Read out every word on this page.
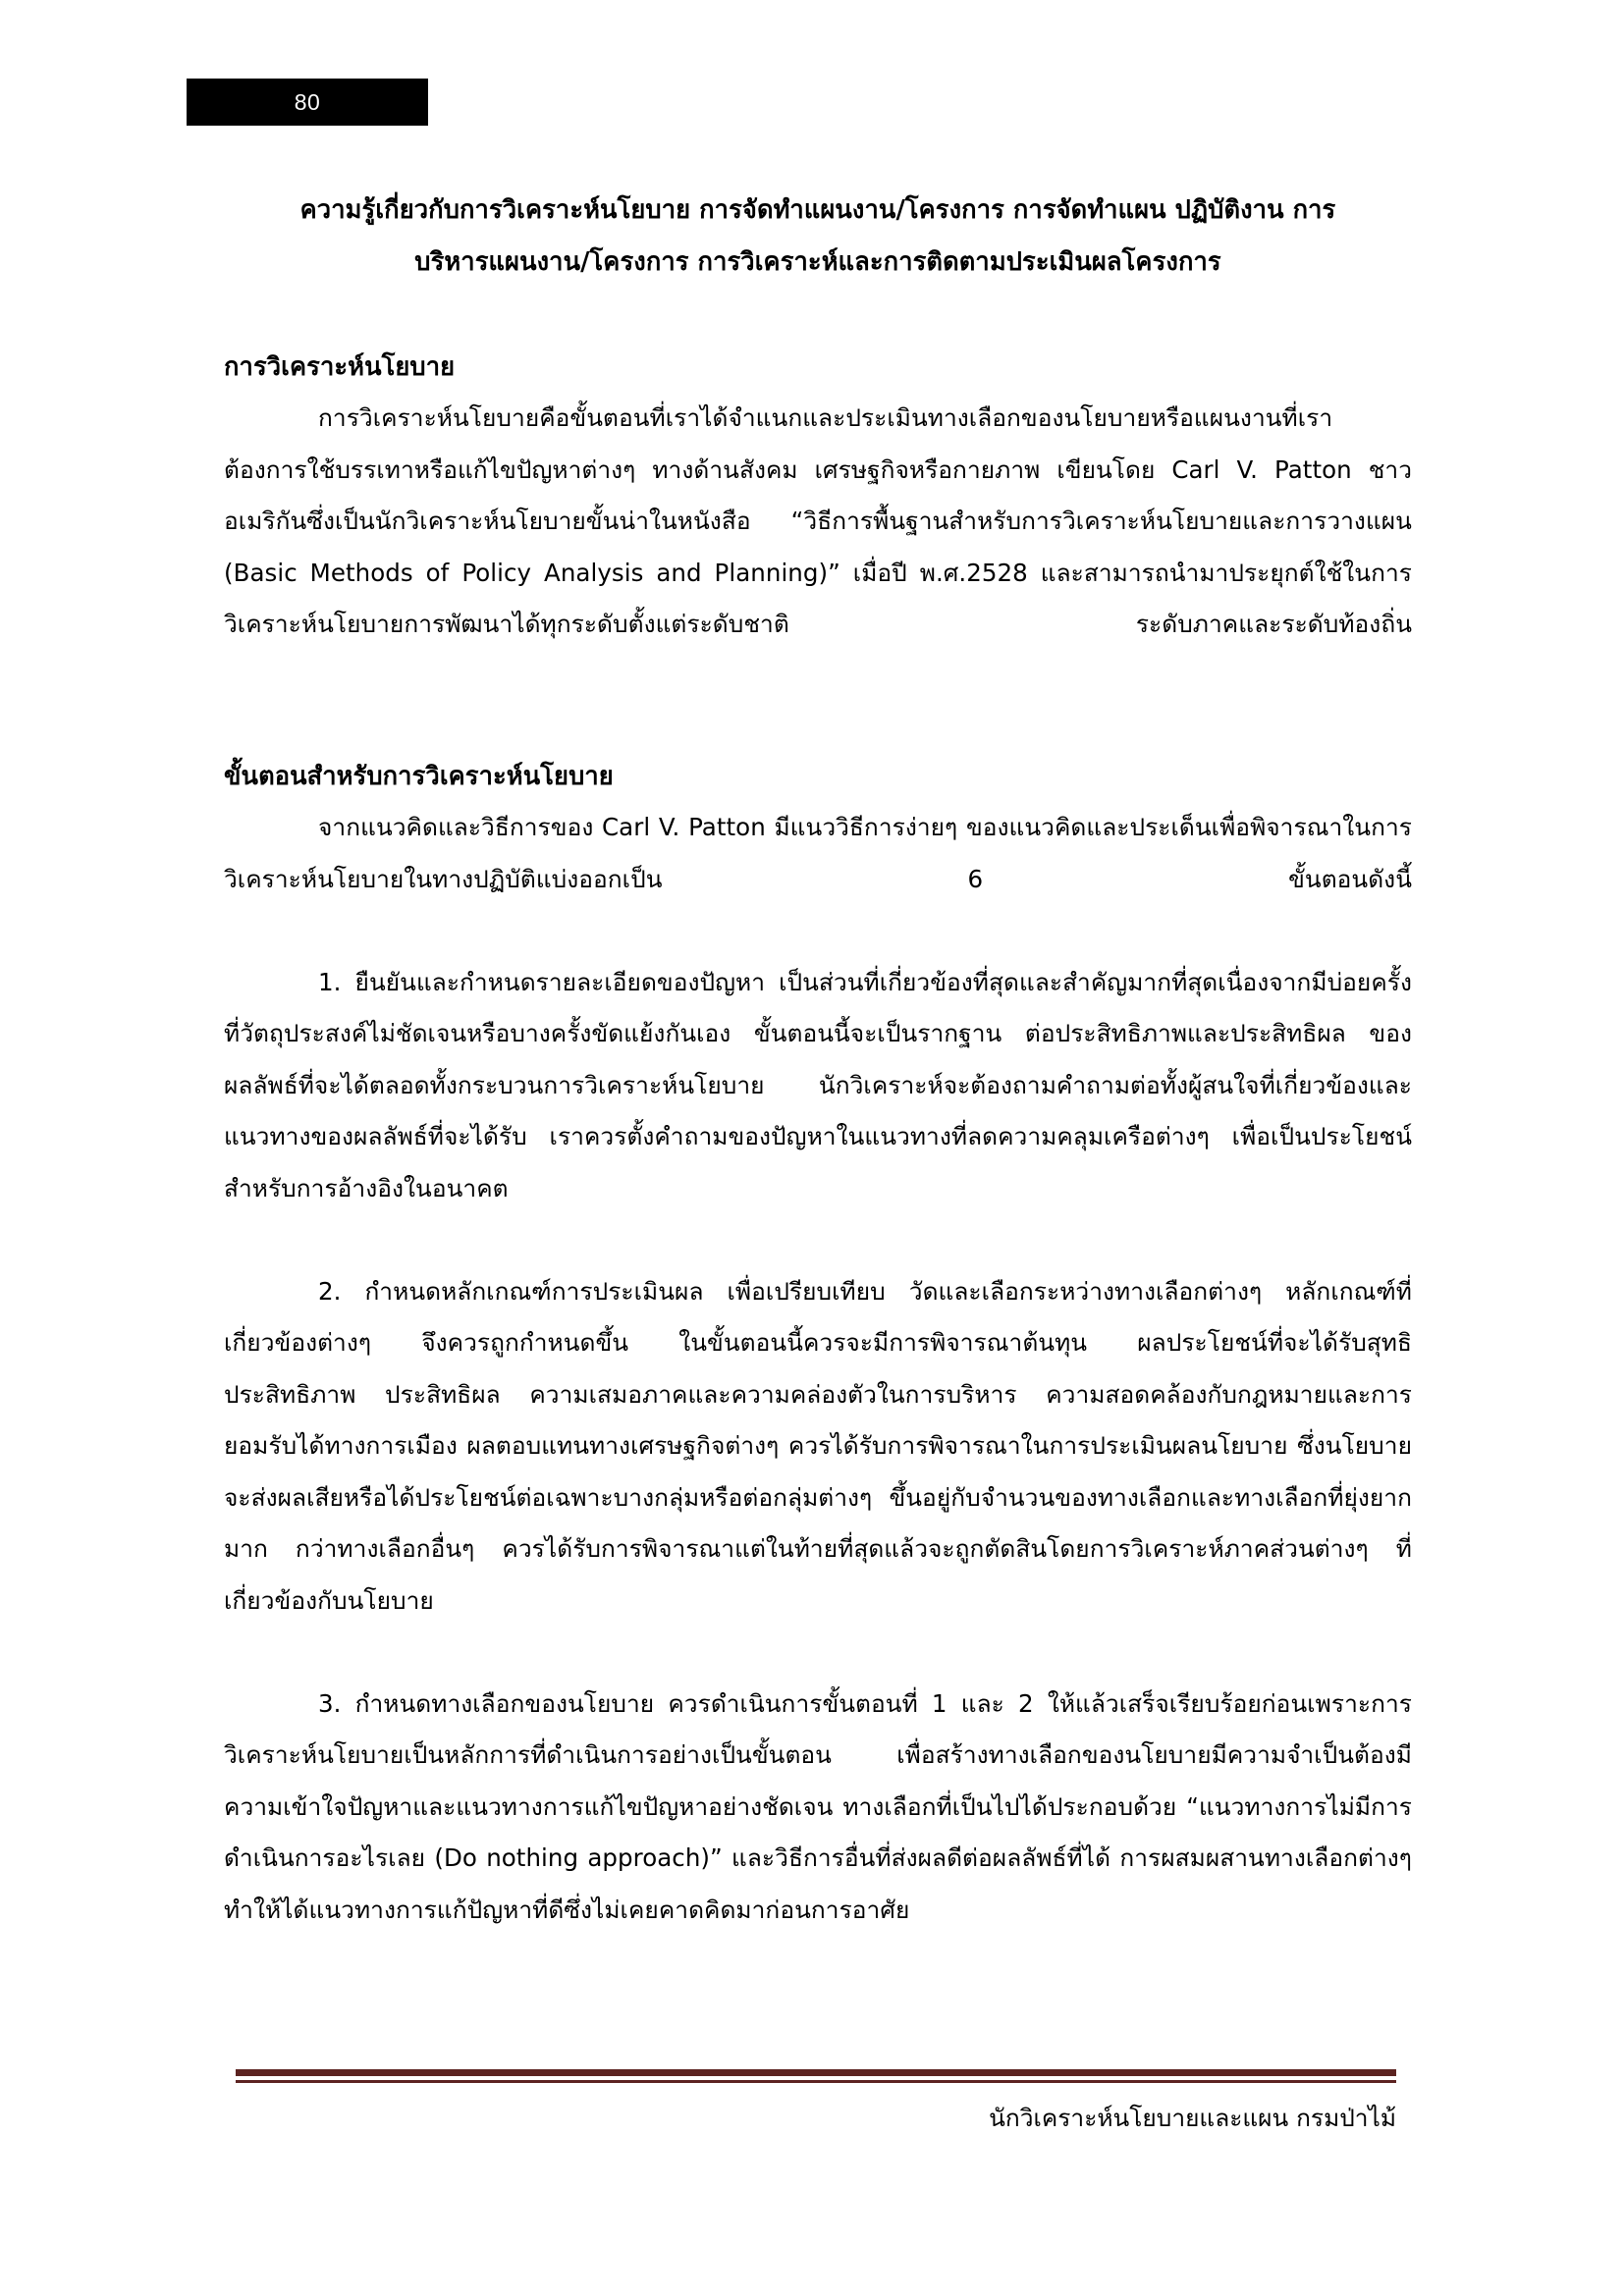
80
ความรู้เกี่ยวกับการวิเคราะห์นโยบาย การจัดทำแผนงาน/โครงการ การจัดทำแผน ปฏิบัติงาน การ
บริหารแผนงาน/โครงการ การวิเคราะห์และการติดตามประเมินผลโครงการ
การวิเคราะห์นโยบาย

การวิเคราะห์นโยบายคือขั้นตอนที่เราได้จำแนกและประเมินทางเลือกของนโยบายหรือแผนงานที่เราต้องการใช้บรรเทาหรือแก้ไขปัญหาต่างๆ ทางด้านสังคม เศรษฐกิจหรือกายภาพ เขียนโดย Carl V. Patton ชาวอเมริกันซึ่งเป็นนักวิเคราะห์นโยบายขั้นน่าในหนังสือ “วิธีการพื้นฐานสำหรับการวิเคราะห์นโยบายและการวางแผน (Basic Methods of Policy Analysis and Planning)” เมื่อปี พ.ศ.2528 และสามารถนำมาประยุกต์ใช้ในการวิเคราะห์นโยบายการพัฒนาได้ทุกระดับตั้งแต่ระดับชาติ ระดับภาคและระดับท้องถิ่น

ขั้นตอนสำหรับการวิเคราะห์นโยบาย

จากแนวคิดและวิธีการของ Carl V. Patton มีแนววิธีการง่ายๆ ของแนวคิดและประเด็นเพื่อพิจารณาในการวิเคราะห์นโยบายในทางปฏิบัติแบ่งออกเป็น 6 ขั้นตอนดังนี้

1. ยืนยันและกำหนดรายละเอียดของปัญหา เป็นส่วนที่เกี่ยวข้องที่สุดและสำคัญมากที่สุดเนื่องจากมีบ่อยครั้ง ที่วัตถุประสงค์ไม่ชัดเจนหรือบางครั้งขัดแย้งกันเอง ขั้นตอนนี้จะเป็นรากฐาน ต่อประสิทธิภาพและประสิทธิผล ของผลลัพธ์ที่จะได้ตลอดทั้งกระบวนการวิเคราะห์นโยบาย นักวิเคราะห์จะต้องถามคำถามต่อทั้งผู้สนใจที่เกี่ยวข้องและแนวทางของผลลัพธ์ที่จะได้รับ เราควรตั้งคำถามของปัญหาในแนวทางที่ลดความคลุมเครือต่างๆ เพื่อเป็นประโยชน์สำหรับการอ้างอิงในอนาคต

2. กำหนดหลักเกณฑ์การประเมินผล เพื่อเปรียบเทียบ วัดและเลือกระหว่างทางเลือกต่างๆ หลักเกณฑ์ที่เกี่ยวข้องต่างๆ จึงควรถูกกำหนดขึ้น ในขั้นตอนนี้ควรจะมีการพิจารณาต้นทุน ผลประโยชน์ที่จะได้รับสุทธิ ประสิทธิภาพ ประสิทธิผล ความเสมอภาคและความคล่องตัวในการบริหาร ความสอดคล้องกับกฎหมายและการยอมรับได้ทางการเมือง ผลตอบแทนทางเศรษฐกิจต่างๆ ควรได้รับการพิจารณาในการประเมินผลนโยบาย ซึ่งนโยบายจะส่งผลเสียหรือได้ประโยชน์ต่อเฉพาะบางกลุ่มหรือต่อกลุ่มต่างๆ ขึ้นอยู่กับจำนวนของทางเลือกและทางเลือกที่ยุ่งยาก มาก กว่าทางเลือกอื่นๆ ควรได้รับการพิจารณาแต่ในท้ายที่สุดแล้วจะถูกตัดสินโดยการวิเคราะห์ภาคส่วนต่างๆ ที่เกี่ยวข้องกับนโยบาย

3. กำหนดทางเลือกของนโยบาย ควรดำเนินการขั้นตอนที่ 1 และ 2 ให้แล้วเสร็จเรียบร้อยก่อนเพราะการ วิเคราะห์นโยบายเป็นหลักการที่ดำเนินการอย่างเป็นขั้นตอน เพื่อสร้างทางเลือกของนโยบายมีความจำเป็นต้องมีความเข้าใจปัญหาและแนวทางการแก้ไขปัญหาอย่างชัดเจน ทางเลือกที่เป็นไปได้ประกอบด้วย “แนวทางการไม่มีการดำเนินการอะไรเลย (Do nothing approach)” และวิธีการอื่นที่ส่งผลดีต่อผลลัพธ์ที่ได้ การผสมผสานทางเลือกต่างๆ ทำให้ได้แนวทางการแก้ปัญหาที่ดีซึ่งไม่เคยคาดคิดมาก่อนการอาศัย

นักวิเคราะห์นโยบายและแผน กรมป่าไม้
